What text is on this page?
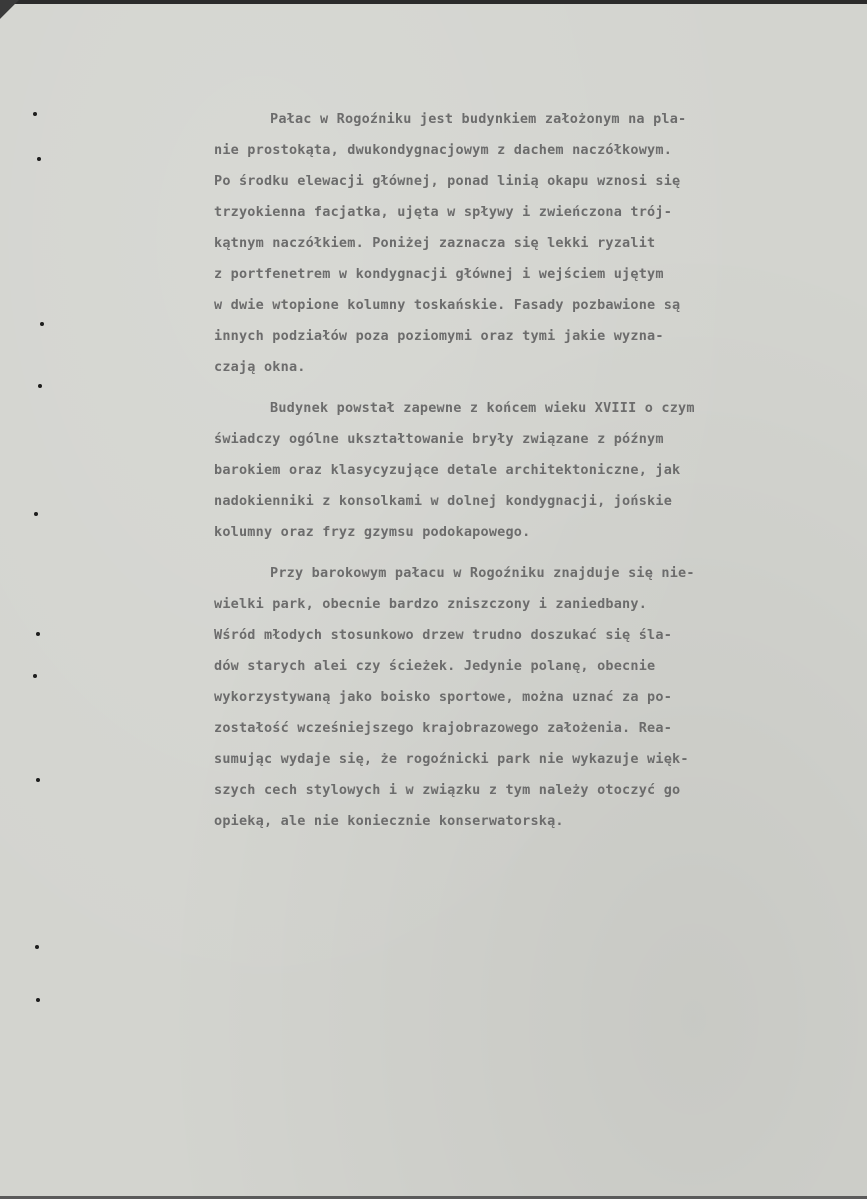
Pałac w Rogoźniku jest budynkiem założonym na pla-
nie prostokąta, dwukondygnacjowym z dachem naczółkowym.
Po środku elewacji głównej, ponad linią okapu wznosi się
trzyokienna facjatka, ujęta w spływy i zwieńczona trój-
kątnym naczółkiem. Poniżej zaznacza się lekki ryzalit
z portfenetrem w kondygnacji głównej i wejściem ujętym
w dwie wtopione kolumny toskańskie. Fasady pozbawione są
innych podziałów poza poziomymi oraz tymi jakie wyzna-
czają okna.
Budynek powstał zapewne z końcem wieku XVIII o czym
świadczy ogólne ukształtowanie bryły związane z późnym
barokiem oraz klasycyzujące detale architektoniczne, jak
nadokienniki z konsolkami w dolnej kondygnacji, jońskie
kolumny oraz fryz gzymsu podokapowego.
Przy barokowym pałacu w Rogoźniku znajduje się nie-
wielki park, obecnie bardzo zniszczony i zaniedbany.
Wśród młodych stosunkowo drzew trudno doszukać się śla-
dów starych alei czy ścieżek. Jedynie polanę, obecnie
wykorzystywaną jako boisko sportowe, można uznać za po-
zostałość wcześniejszego krajobrazowego założenia. Rea-
sumując wydaje się, że rogoźnicki park nie wykazuje więk-
szych cech stylowych i w związku z tym należy otoczyć go
opieką, ale nie koniecznie konserwatorską.
